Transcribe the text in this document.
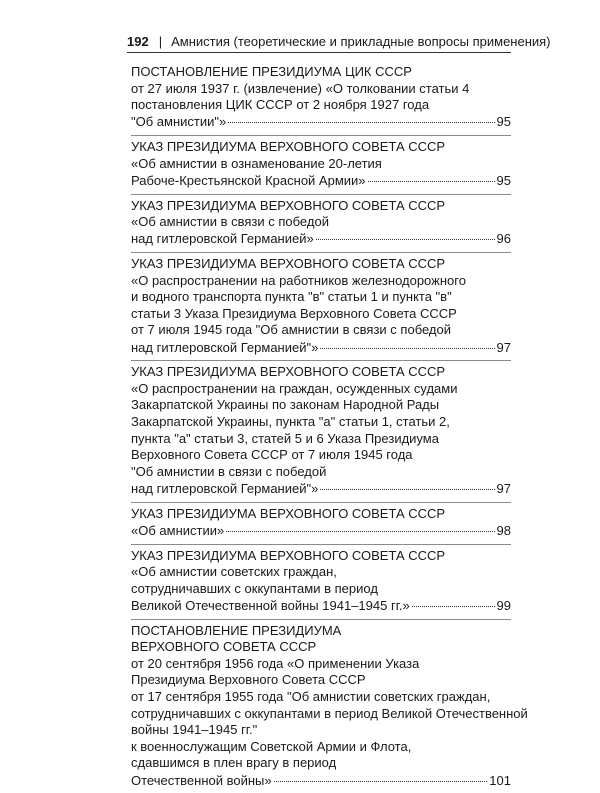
192 | Амнистия (теоретические и прикладные вопросы применения)
ПОСТАНОВЛЕНИЕ ПРЕЗИДИУМА ЦИК СССР
от 27 июля 1937 г. (извлечение) «О толковании статьи 4
постановления ЦИК СССР от 2 ноября 1927 года
"Об амнистии"»	95
УКАЗ ПРЕЗИДИУМА ВЕРХОВНОГО СОВЕТА СССР
«Об амнистии в ознаменование 20-летия
Рабоче-Крестьянской Красной Армии»	95
УКАЗ ПРЕЗИДИУМА ВЕРХОВНОГО СОВЕТА СССР
«Об амнистии в связи с победой
над гитлеровской Германией»	96
УКАЗ ПРЕЗИДИУМА ВЕРХОВНОГО СОВЕТА СССР
«О распространении на работников железнодорожного
и водного транспорта пункта "в" статьи 1 и пункта "в"
статьи 3 Указа Президиума Верховного Совета СССР
от 7 июля 1945 года "Об амнистии в связи с победой
над гитлеровской Германией"»	97
УКАЗ ПРЕЗИДИУМА ВЕРХОВНОГО СОВЕТА СССР
«О распространении на граждан, осужденных судами
Закарпатской Украины по законам Народной Рады
Закарпатской Украины, пункта "а" статьи 1, статьи 2,
пункта "а" статьи 3, статей 5 и 6 Указа Президиума
Верховного Совета СССР от 7 июля 1945 года
"Об амнистии в связи с победой
над гитлеровской Германией"»	97
УКАЗ ПРЕЗИДИУМА ВЕРХОВНОГО СОВЕТА СССР
«Об амнистии»	98
УКАЗ ПРЕЗИДИУМА ВЕРХОВНОГО СОВЕТА СССР
«Об амнистии советских граждан,
сотрудничавших с оккупантами в период
Великой Отечественной войны 1941–1945 гг.»	99
ПОСТАНОВЛЕНИЕ ПРЕЗИДИУМА
ВЕРХОВНОГО СОВЕТА СССР
от 20 сентября 1956 года «О применении Указа
Президиума Верховного Совета СССР
от 17 сентября 1955 года "Об амнистии советских граждан,
сотрудничавших с оккупантами в период Великой Отечественной
войны 1941–1945 гг."
к военнослужащим Советской Армии и Флота,
сдавшимся в плен врагу в период
Отечественной войны»	101
